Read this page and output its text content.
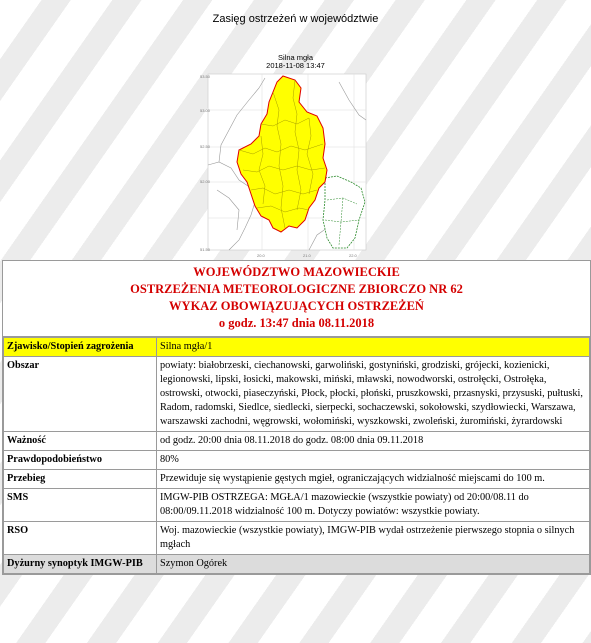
Zasięg ostrzeżeń w województwie
Silna mgła
2018-11-08 13:47
53.50
53.00
52.50
52.00
51.50
20.0	21.0	22.0
WOJEWÓDZTWO MAZOWIECKIE
OSTRZEŻENIA METEOROLOGICZNE ZBIORCZO NR 62
WYKAZ OBOWIĄZUJĄCYCH OSTRZEŻEŃ
o godz. 13:47 dnia 08.11.2018
Zjawisko/Stopień zagrożenia	Silna mgła/1
Obszar	powiaty: białobrzeski, ciechanowski, garwoliński, gostyniński, grodziski, grójecki, kozienicki, legionowski, lipski, łosicki, makowski, miński, mławski, nowodworski, ostrołęcki, Ostrołęka, ostrowski, otwocki, piaseczyński, Płock, płocki, płoński, pruszkowski, przasnyski, przysuski, pułtuski, Radom, radomski, Siedlce, siedlecki, sierpecki, sochaczewski, sokołowski, szydłowiecki, Warszawa, warszawski zachodni, węgrowski, wołomiński, wyszkowski, zwoleński, żuromiński, żyrardowski
Ważność	od godz. 20:00 dnia 08.11.2018 do godz. 08:00 dnia 09.11.2018
Prawdopodobieństwo	80%
Przebieg	Przewiduje się wystąpienie gęstych mgieł, ograniczających widzialność miejscami do 100 m.
SMS	IMGW-PIB OSTRZEGA: MGŁA/1 mazowieckie (wszystkie powiaty) od 20:00/08.11 do 08:00/09.11.2018 widzialność 100 m. Dotyczy powiatów: wszystkie powiaty.
RSO	Woj. mazowieckie (wszystkie powiaty), IMGW-PIB wydał ostrzeżenie pierwszego stopnia o silnych mgłach
Dyżurny synoptyk IMGW-PIB	Szymon Ogórek
